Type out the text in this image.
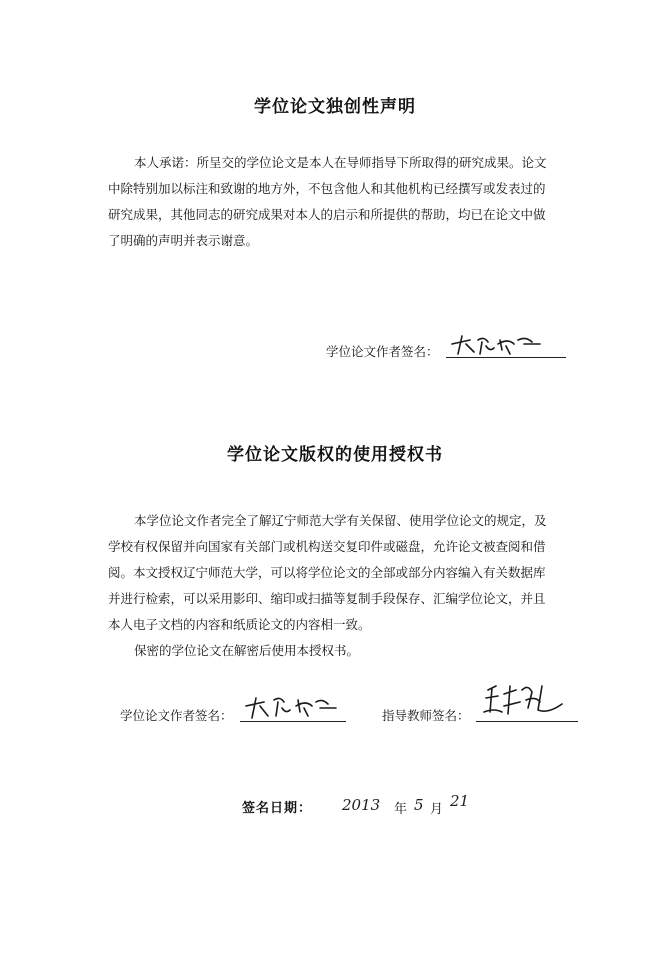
学位论文独创性声明
本人承诺：所呈交的学位论文是本人在导师指导下所取得的研究成果。论文
中除特别加以标注和致谢的地方外，不包含他人和其他机构已经撰写或发表过的
研究成果，其他同志的研究成果对本人的启示和所提供的帮助，均已在论文中做
了明确的声明并表示谢意。
学位论文作者签名：
学位论文版权的使用授权书
本学位论文作者完全了解辽宁师范大学有关保留、使用学位论文的规定，及
学校有权保留并向国家有关部门或机构送交复印件或磁盘，允许论文被查阅和借
阅。本文授权辽宁师范大学，可以将学位论文的全部或部分内容编入有关数据库
并进行检索，可以采用影印、缩印或扫描等复制手段保存、汇编学位论文，并且
本人电子文档的内容和纸质论文的内容相一致。
保密的学位论文在解密后使用本授权书。
学位论文作者签名：	指导教师签名：
签名日期： 2013 年 5 月 21
